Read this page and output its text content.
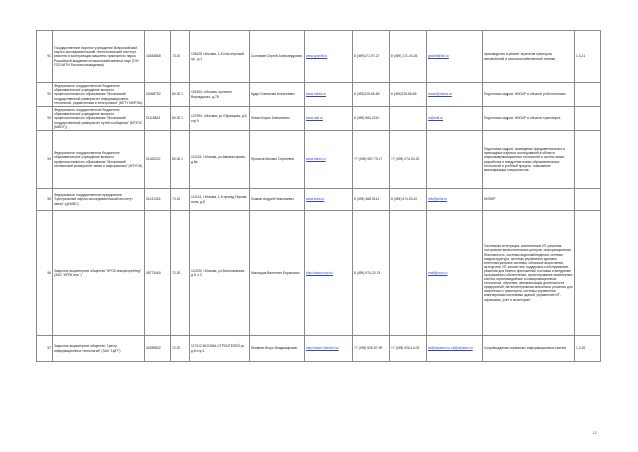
91	Государственное научное учреждение Всероссийский научно-исследовательский технологический институт ремонта и эксплуатации машинно-тракторного парка Российской академии сельскохозяйственных наук (ГНУ ГОСНИТИ Россельхозакадемии)	42483888	73.10	109428 г.Москва, 1-й Институтский пр., д.1	Соловьев Сергей Александрович	www.gosniti.ru	8 (499)171-97-27	8 (499) 171-43-25	gosniti@list.ru	производство и ремонт агрегатов тракторов, автомобилей и сельскохозяйственной техники	1,4,21
92	Федеральное государственное бюджетное образовательное учреждение высшего профессионального образования "Московский государственный университет информационных технологий, радиотехники и электроники" (МГТУ МИРЭА)	02068752	80.30.1	119454, г.Москва, проспект Вернадского, д.78	Кудж Станислав Алексеевич	www.mirea.ru	8 (499)215-65-65	8 (499)215-65-65	rector@mirea.ru	Подготовка кадров, НИОКР в области робототехники	
93	Федеральное государственное бюджетное образовательное учреждение высшего профессионального образования "Московский государственный университет путей сообщения" (МГУПС (МИИТ))	01115843	80.30.1	127994, г.Москва, ул.Образцова, д.9, стр.9	Левин Борис Алексеевич	www.miit.ru	8 (495) 684-2210		tu@miit.ru	Подготовка кадров, НИОКР в области транспорта	
94	Федеральное государственное бюджетное образовательное учреждение высшего профессионального образования "Московский технический университет связи и информатики" (МТУСИ)	01180222	80.30.1	111024, г.Москва, ул.Авиамоторная, д.8а	Ярлыков Михаил Сергеевич	www.mtuci.ru	+7 (495) 957-79-17	+7 (495) 274-00-32		Подготовка кадров, проведение фундаментальных и прикладных научных исследований в области инфокоммуникационных технологий и систем связи, разработка и внедрение новых образовательных технологий в учебный процесс, повышение квалификации специалистов	
95	Федеральное государственное предприятие "Центральный научно-исследовательский институт связи" (ЦНИИС)	01131326	73.10	111141, г.Москва, 1-й проезд Перова поля, д.8	Ложкин Андрей Николаевич	www.zniis.ru	8 (495) 368-9141	8 (495) 674-00-67	info@zniis.ru	НИОКР	
96	Закрытое акционерное общество "КРОК инкорпорейтед" (ЗАО "КРОК инк.")	48773460	72.20	111033, г.Москва, ул.Волочаевская, д.5, к.3	Мясоедов Валентин Борисович	http://www.croc.ru/	8 (495) 974-22-74		mail@croc.ru	Системная интеграция, комплексные ИТ-решения: построение вычислительных центров, информационная безопасность, системы видеонаблюдения, сетевая инфраструктура, системы управления зданием, интеллектуальные системы, облачные вычисления, аутсорсинг, ИТ-консалтинг, поддержка и обслуживание, решения для бизнес-приложений, поставка и внедрение программного обеспечения, проектирование инженерных систем, мультимедийные и коммуникационные технологии, обучение, автоматизация деятельности предприятий, интеллектуальная аналитика, решения для энергетики и транспорта, системы управления инженерными системами зданий, управление ИТ-сервисами, учёт и мониторинг	
97	Закрытое акционерное общество "Центр информационных технологий" (ЗАО "ЦИТ")	40289802	72.20	117312 МОСКВА СТРОИТЕЛЕЙ ул. д.8 стр.1	Яковлев Игорь Владимирович	http://www.i-tcenter.ru/	+7 (495) 926-57-99	+7 (495) 926-10-09	cit@cityserv.ru; cit@cityserv.ru	Сопровождение сервисных информационных систем	1,3,20
12
